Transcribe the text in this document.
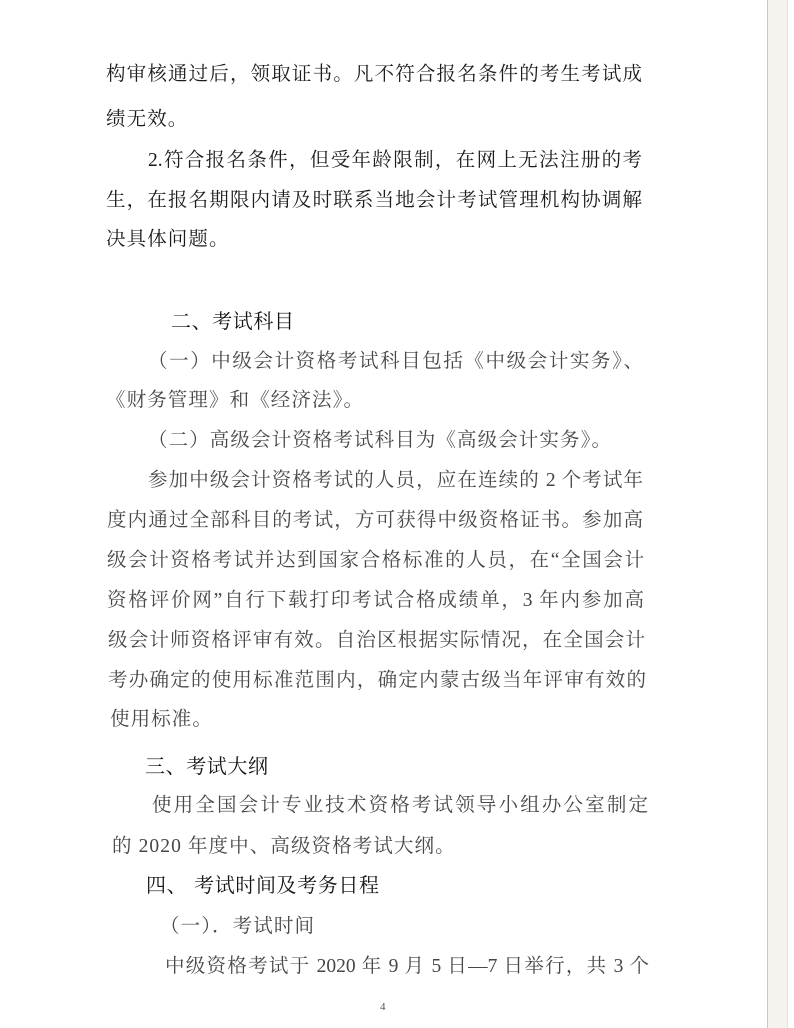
构审核通过后，领取证书。凡不符合报名条件的考生考试成
绩无效。
2.符合报名条件，但受年龄限制，在网上无法注册的考
生，在报名期限内请及时联系当地会计考试管理机构协调解
决具体问题。
二、考试科目
（一）中级会计资格考试科目包括《中级会计实务》、
《财务管理》和《经济法》。
（二）高级会计资格考试科目为《高级会计实务》。
参加中级会计资格考试的人员，应在连续的 2 个考试年
度内通过全部科目的考试，方可获得中级资格证书。参加高
级会计资格考试并达到国家合格标准的人员，在“全国会计
资格评价网”自行下载打印考试合格成绩单，3 年内参加高
级会计师资格评审有效。自治区根据实际情况，在全国会计
考办确定的使用标准范围内，确定内蒙古级当年评审有效的
使用标准。
三、考试大纲
使用全国会计专业技术资格考试领导小组办公室制定
的 2020 年度中、高级资格考试大纲。
四、 考试时间及考务日程
（一）．考试时间
中级资格考试于 2020 年 9 月 5 日—7 日举行，共 3 个
4
